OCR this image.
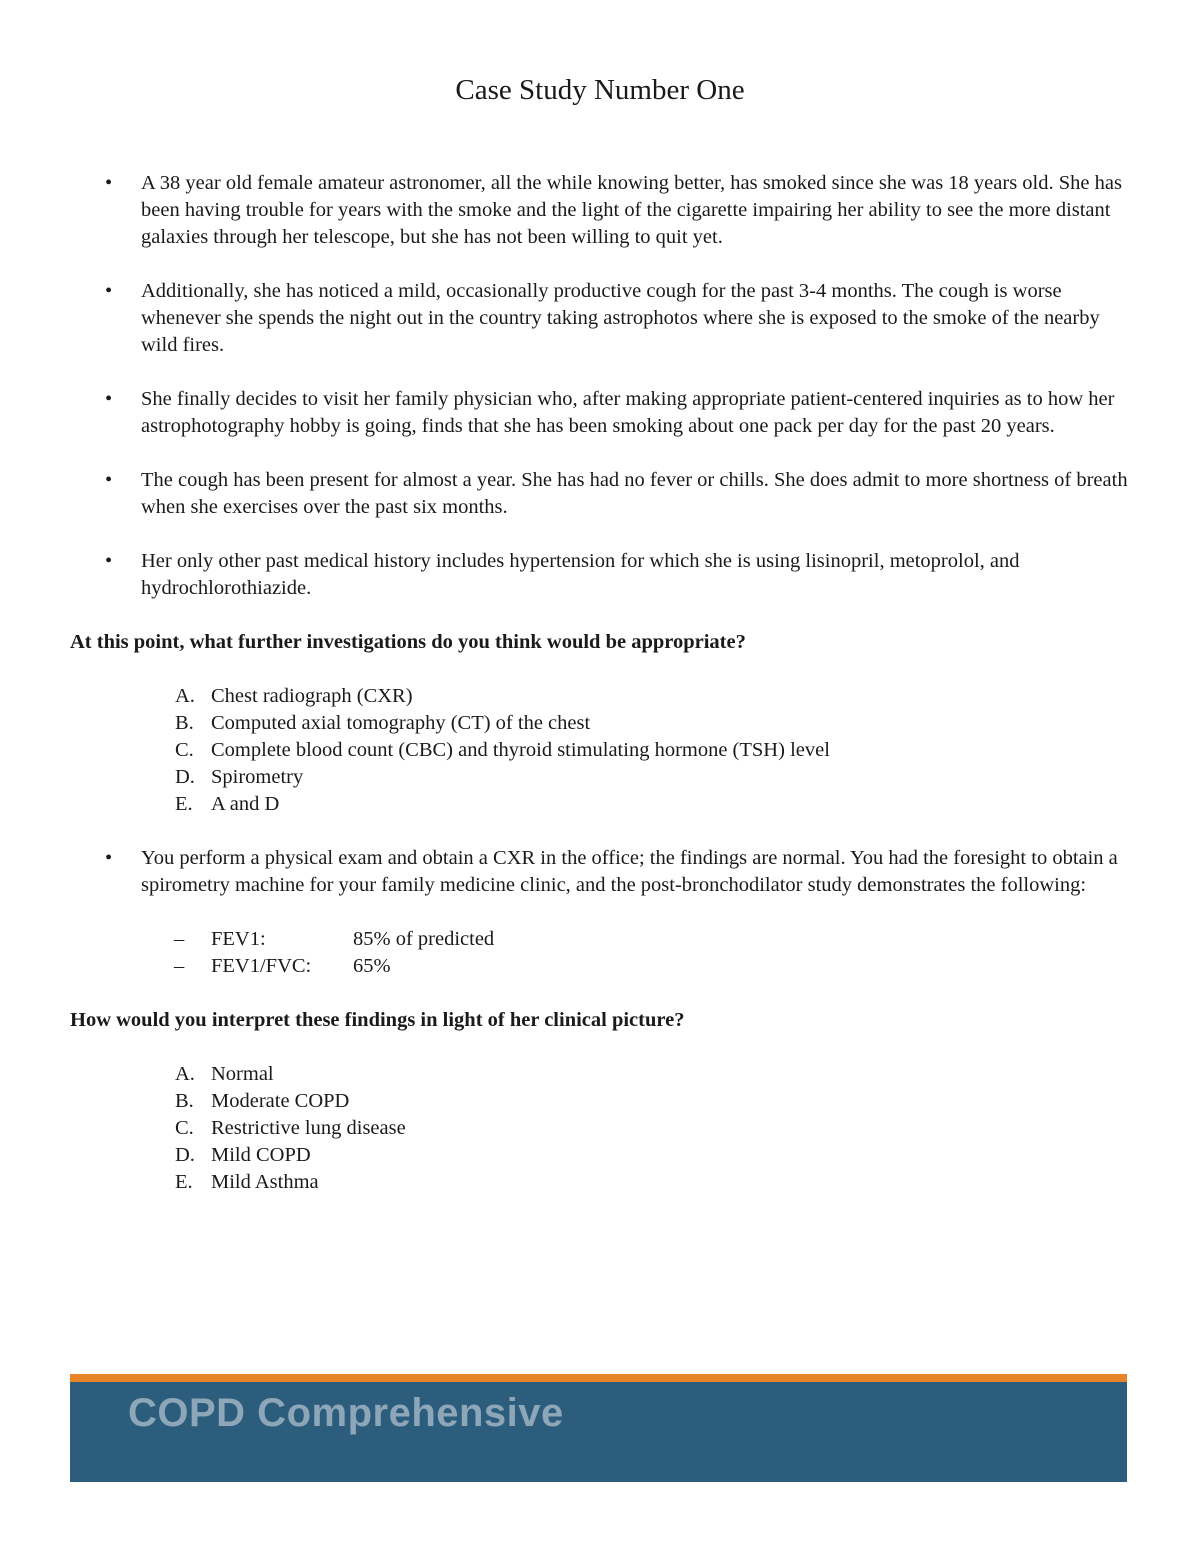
Case Study Number One
• A 38 year old female amateur astronomer, all the while knowing better, has smoked since she was 18 years old. She has been having trouble for years with the smoke and the light of the cigarette impairing her ability to see the more distant galaxies through her telescope, but she has not been willing to quit yet.
• Additionally, she has noticed a mild, occasionally productive cough for the past 3-4 months. The cough is worse whenever she spends the night out in the country taking astrophotos where she is exposed to the smoke of the nearby wild fires.
• She finally decides to visit her family physician who, after making appropriate patient-centered inquiries as to how her astrophotography hobby is going, finds that she has been smoking about one pack per day for the past 20 years.
• The cough has been present for almost a year. She has had no fever or chills. She does admit to more shortness of breath when she exercises over the past six months.
• Her only other past medical history includes hypertension for which she is using lisinopril, metoprolol, and hydrochlorothiazide.
At this point, what further investigations do you think would be appropriate?
A. Chest radiograph (CXR)
B. Computed axial tomography (CT) of the chest
C. Complete blood count (CBC) and thyroid stimulating hormone (TSH) level
D. Spirometry
E. A and D
• You perform a physical exam and obtain a CXR in the office; the findings are normal. You had the foresight to obtain a spirometry machine for your family medicine clinic, and the post-bronchodilator study demonstrates the following:
– FEV1:	85% of predicted
– FEV1/FVC: 65%
How would you interpret these findings in light of her clinical picture?
A. Normal
B. Moderate COPD
C. Restrictive lung disease
D. Mild COPD
E. Mild Asthma
COPD Comprehensive
